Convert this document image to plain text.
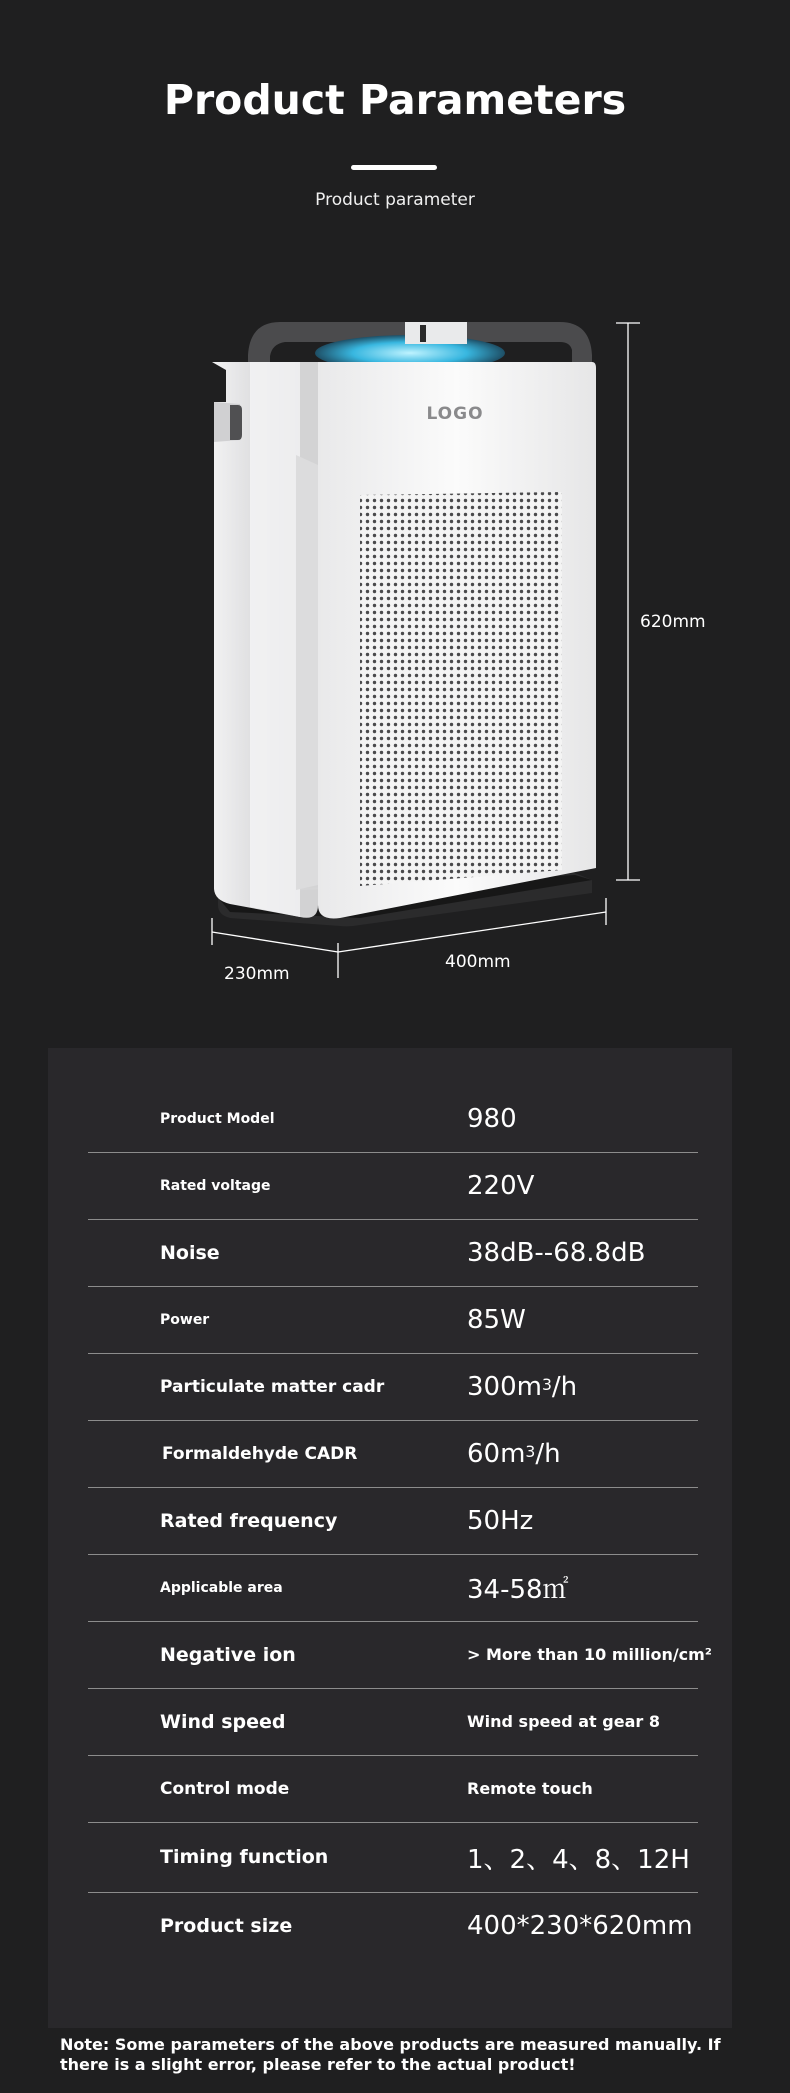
Product Parameters
Product parameter
LOGO
620mm
230mm
400mm
Product Model	980
Rated voltage	220V
Noise	38dB--68.8dB
Power	85W
Particulate matter cadr	$300m^3$ /h
Formaldehyde CADR	$60m^3$ /h
Rated frequency	50Hz
Applicable area	34-58㎡
Negative ion	> More than 10 million/cm²
Wind speed	Wind speed at gear 8
Control mode	Remote touch
Timing function	1、2、4、8、12H
Product size	400*230*620mm
Note: Some parameters of the above products are measured manually. If there is a slight error, please refer to the actual product!
